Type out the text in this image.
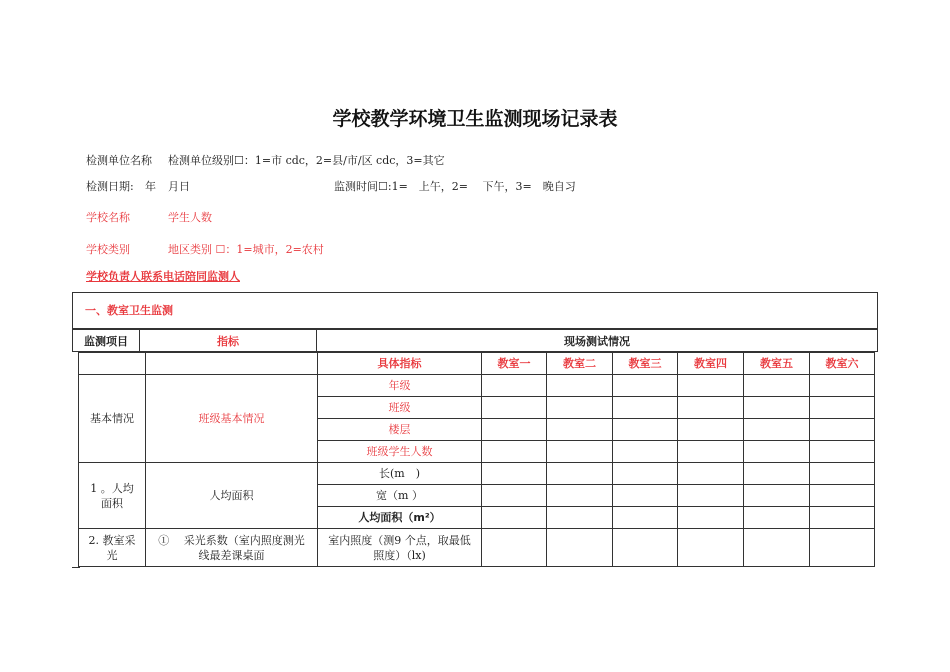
学校教学环境卫生监测现场记录表
检测单位名称 检测单位级别☐：1=市 cdc，2=县/市/区 cdc，3=其它
检测日期: 年 月日	监测时间☐:1=　上午，2=　 下午，3=　晚自习
学校名称	学生人数
学校类别	地区类别 ☐：1=城市，2=农村
学校负责人联系电话陪同监测人
一、教室卫生监测
监测项目	指标	现场测试情况
		具体指标	教室一	教室二	教室三	教室四	教室五	教室六
基本情况	班级基本情况	年级						
		班级						
		楼层						
		班级学生人数						
1 。人均面积	人均面积	长(m　)						
		宽（m ）						
		人均面积（m²）						
2. 教室采光	①　 采光系数（室内照度测光线最差课桌面	室内照度（测9 个点，取最低照度）（lx)						
